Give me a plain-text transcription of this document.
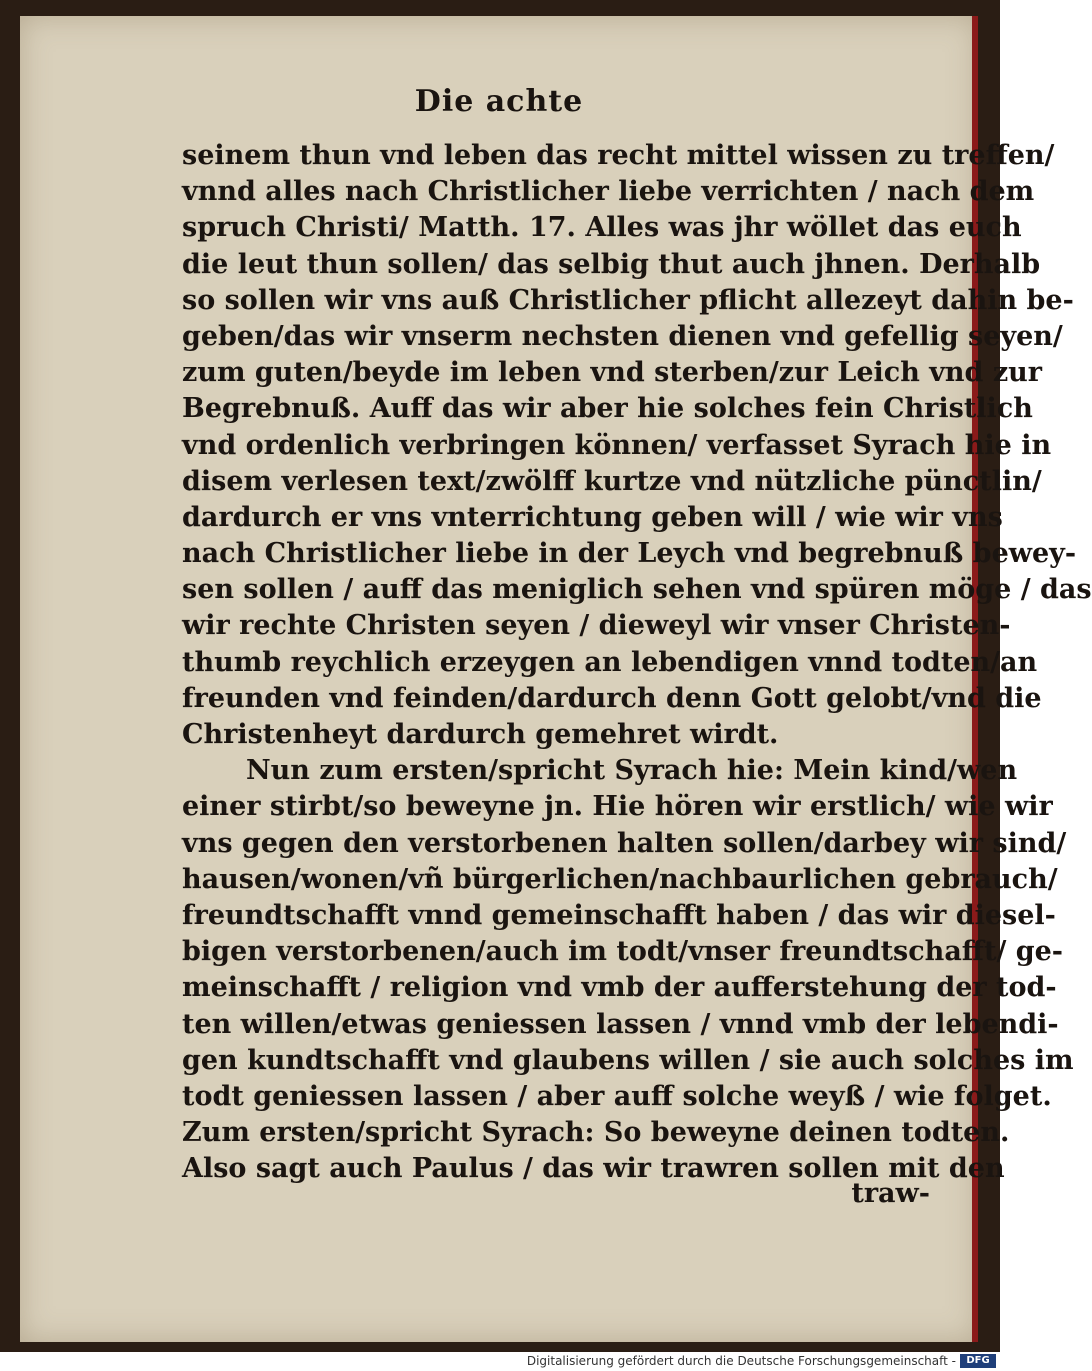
Die achte
seinem thun vnd leben das recht mittel wissen zu treffen/
vnnd alles nach Christlicher liebe verrichten / nach dem
spruch Christi/ Matth. 17. Alles was jhr wöllet das euch
die leut thun sollen/ das selbig thut auch jhnen. Derhalb
so sollen wir vns auß Christlicher pflicht allezeyt dahin be-
geben/das wir vnserm nechsten dienen vnd gefellig seyen/
zum guten/beyde im leben vnd sterben/zur Leich vnd zur
Begrebnuß. Auff das wir aber hie solches fein Christlich
vnd ordenlich verbringen können/ verfasset Syrach hie in
disem verlesen text/zwölff kurtze vnd nützliche pünctlin/
dardurch er vns vnterrichtung geben will / wie wir vns
nach Christlicher liebe in der Leych vnd begrebnuß bewey-
sen sollen / auff das meniglich sehen vnd spüren möge / das
wir rechte Christen seyen / dieweyl wir vnser Christen-
thumb reychlich erzeygen an lebendigen vnnd todten/an
freunden vnd feinden/dardurch denn Gott gelobt/vnd die
Christenheyt dardurch gemehret wirdt.
Nun zum ersten/spricht Syrach hie: Mein kind/wen
einer stirbt/so beweyne jn. Hie hören wir erstlich/ wie wir
vns gegen den verstorbenen halten sollen/darbey wir sind/
hausen/wonen/vñ bürgerlichen/nachbaurlichen gebrauch/
freundtschafft vnnd gemeinschafft haben / das wir diesel-
bigen verstorbenen/auch im todt/vnser freundtschafft/ ge-
meinschafft / religion vnd vmb der aufferstehung der tod-
ten willen/etwas geniessen lassen / vnnd vmb der lebendi-
gen kundtschafft vnd glaubens willen / sie auch solches im
todt geniessen lassen / aber auff solche weyß / wie folget.
Zum ersten/spricht Syrach: So beweyne deinen todten.
Also sagt auch Paulus / das wir trawren sollen mit den
traw-
Digitalisierung gefördert durch die Deutsche Forschungsgemeinschaft -	DFG
